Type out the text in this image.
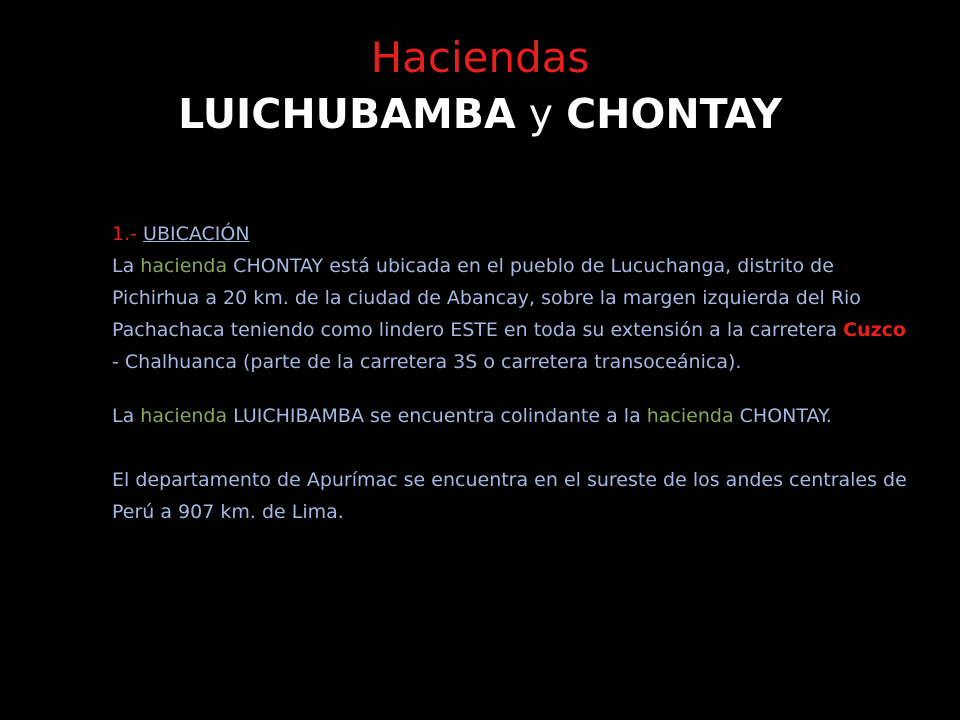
Haciendas

LUICHUBAMBA y CHONTAY

1.- UBICACIÓN

La hacienda CHONTAY está ubicada en el pueblo de Lucuchanga, distrito de Pichirhua a 20 km. de la ciudad de Abancay, sobre la margen izquierda del Rio Pachachaca teniendo como lindero ESTE en toda su extensión a la carretera Cuzco - Chalhuanca (parte de la carretera 3S o carretera transoceánica).

La hacienda LUICHIBAMBA se encuentra colindante a la hacienda CHONTAY.

El departamento de Apurímac se encuentra en el sureste de los andes centrales de Perú a 907 km. de Lima.
